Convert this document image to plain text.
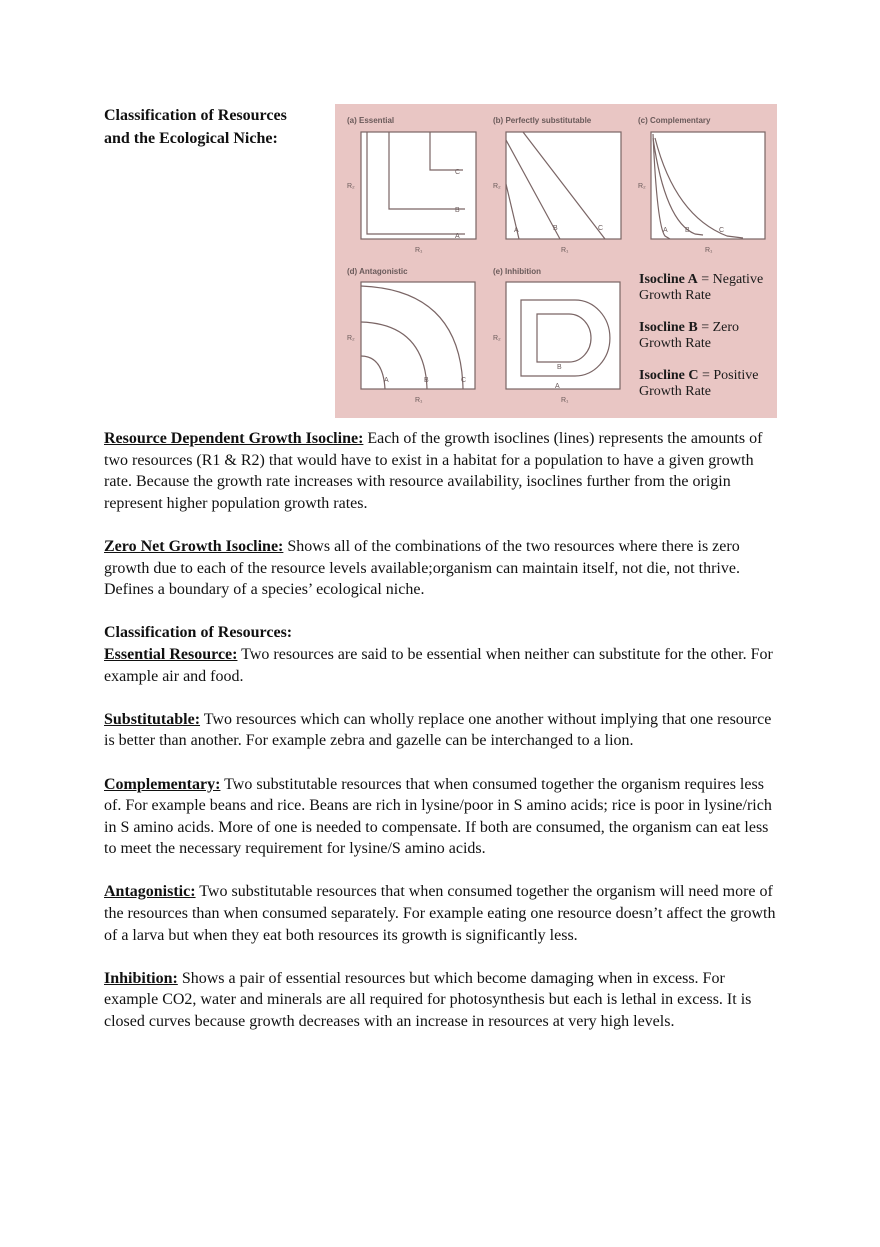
Classification of Resources
and the Ecological Niche:
(a) Essential
A
B
C
R₂
R₁
(b) Perfectly substitutable
A	B	C
R₂
R₁
(c) Complementary
A B	C
R₂
R₁
(d) Antagonistic
A	B	C
R₂
R₁
(e) Inhibition
A
B
R₂
R₁
Isocline A = Negative Growth Rate
Isocline B = Zero Growth Rate
Isocline C = Positive Growth Rate

Resource Dependent Growth Isocline: Each of the growth isoclines (lines) represents the amounts of two resources (R1 & R2) that would have to exist in a habitat for a population to have a given growth rate. Because the growth rate increases with resource availability, isoclines further from the origin represent higher population growth rates.

Zero Net Growth Isocline: Shows all of the combinations of the two resources where there is zero growth due to each of the resource levels available;organism can maintain itself, not die, not thrive. Defines a boundary of a species’ ecological niche.

Classification of Resources:
Essential Resource: Two resources are said to be essential when neither can substitute for the other. For example air and food.

Substitutable: Two resources which can wholly replace one another without implying that one resource is better than another. For example zebra and gazelle can be interchanged to a lion.

Complementary: Two substitutable resources that when consumed together the organism requires less of. For example beans and rice. Beans are rich in lysine/poor in S amino acids; rice is poor in lysine/rich in S amino acids. More of one is needed to compensate. If both are consumed, the organism can eat less to meet the necessary requirement for lysine/S amino acids.

Antagonistic: Two substitutable resources that when consumed together the organism will need more of the resources than when consumed separately. For example eating one resource doesn’t affect the growth of a larva but when they eat both resources its growth is significantly less.

Inhibition: Shows a pair of essential resources but which become damaging when in excess. For example CO2, water and minerals are all required for photosynthesis but each is lethal in excess. It is closed curves because growth decreases with an increase in resources at very high levels.
